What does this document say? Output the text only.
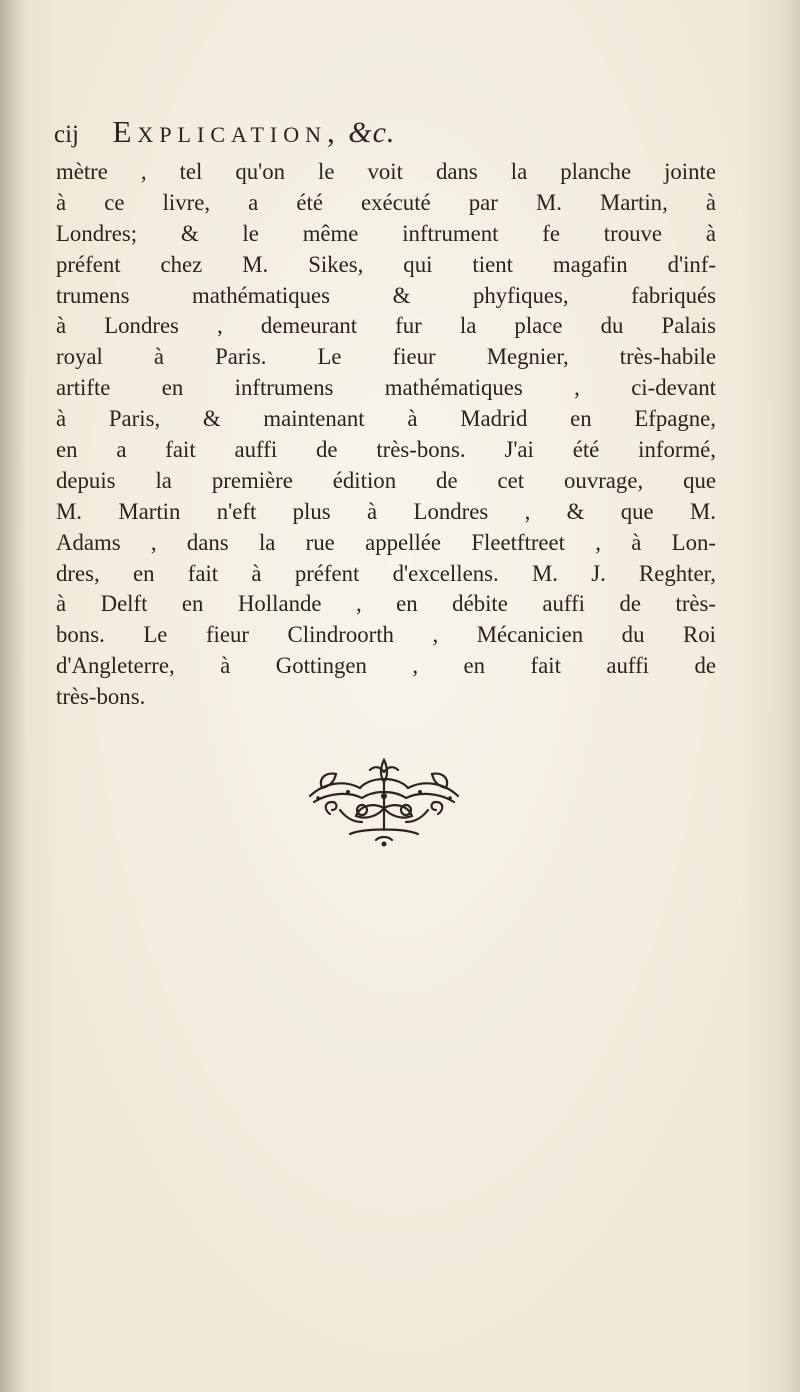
cij Explication, &c.
mètre , tel qu'on le voit dans la planche jointe
à ce livre, a été exécuté par M. Martin, à
Londres; & le même inftrument fe trouve à
préfent chez M. Sikes, qui tient magafin d'inf-
trumens mathématiques & phyfiques, fabriqués
à Londres , demeurant fur la place du Palais
royal à Paris. Le fieur Megnier, très-habile
artifte en inftrumens mathématiques , ci-devant
à Paris, & maintenant à Madrid en Efpagne,
en a fait auffi de très-bons. J'ai été informé,
depuis la première édition de cet ouvrage, que
M. Martin n'eft plus à Londres , & que M.
Adams , dans la rue appellée Fleetftreet , à Lon-
dres, en fait à préfent d'excellens. M. J. Reghter,
à Delft en Hollande , en débite auffi de très-
bons. Le fieur Clindroorth , Mécanicien du Roi
d'Angleterre, à Gottingen , en fait auffi de
très-bons.
